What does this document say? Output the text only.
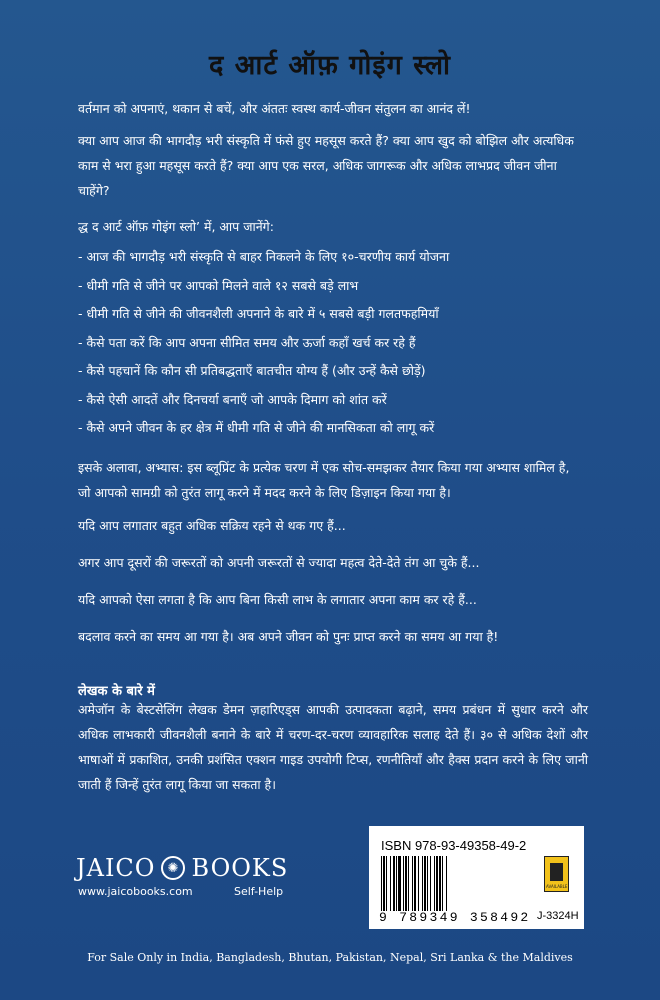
द आर्ट ऑफ़ गोइंग स्लो

वर्तमान को अपनाएं, थकान से बचें, और अंततः स्वस्थ कार्य-जीवन संतुलन का आनंद लें!

क्या आप आज की भागदौड़ भरी संस्कृति में फंसे हुए महसूस करते हैं? क्या आप खुद को बोझिल और अत्यधिक काम से भरा हुआ महसूस करते हैं? क्या आप एक सरल, अधिक जागरूक और अधिक लाभप्रद जीवन जीना चाहेंगे?

द्ध द आर्ट ऑफ़ गोइंग स्लो’ में, आप जानेंगे:

- आज की भागदौड़ भरी संस्कृति से बाहर निकलने के लिए १०-चरणीय कार्य योजना
- धीमी गति से जीने पर आपको मिलने वाले १२ सबसे बड़े लाभ
- धीमी गति से जीने की जीवनशैली अपनाने के बारे में ५ सबसे बड़ी गलतफहमियाँ
- कैसे पता करें कि आप अपना सीमित समय और ऊर्जा कहाँ खर्च कर रहे हैं
- कैसे पहचानें कि कौन सी प्रतिबद्धताएँ बातचीत योग्य हैं (और उन्हें कैसे छोड़ें)
- कैसे ऐसी आदतें और दिनचर्या बनाएँ जो आपके दिमाग को शांत करें
- कैसे अपने जीवन के हर क्षेत्र में धीमी गति से जीने की मानसिकता को लागू करें

इसके अलावा, अभ्यास: इस ब्लूप्रिंट के प्रत्येक चरण में एक सोच-समझकर तैयार किया गया अभ्यास शामिल है, जो आपको सामग्री को तुरंत लागू करने में मदद करने के लिए डिज़ाइन किया गया है।

यदि आप लगातार बहुत अधिक सक्रिय रहने से थक गए हैं...

अगर आप दूसरों की जरूरतों को अपनी जरूरतों से ज्यादा महत्व देते-देते तंग आ चुके हैं...

यदि आपको ऐसा लगता है कि आप बिना किसी लाभ के लगातार अपना काम कर रहे हैं...

बदलाव करने का समय आ गया है। अब अपने जीवन को पुनः प्राप्त करने का समय आ गया है!

लेखक के बारे में

अमेजॉन के बेस्टसेलिंग लेखक डेमन ज़हारिएड्स आपकी उत्पादकता बढ़ाने, समय प्रबंधन में सुधार करने और अधिक लाभकारी जीवनशैली बनाने के बारे में चरण-दर-चरण व्यावहारिक सलाह देते हैं। ३० से अधिक देशों और भाषाओं में प्रकाशित, उनकी प्रशंसित एक्शन गाइड उपयोगी टिप्स, रणनीतियाँ और हैक्स प्रदान करने के लिए जानी जाती हैं जिन्हें तुरंत लागू किया जा सकता है।

JAICO ✺ BOOKS
www.jaicobooks.com	Self-Help
ISBN 978-93-49358-49-2
9 789349 358492
AVAILABLE
J-3324H
For Sale Only in India, Bangladesh, Bhutan, Pakistan, Nepal, Sri Lanka & the Maldives
